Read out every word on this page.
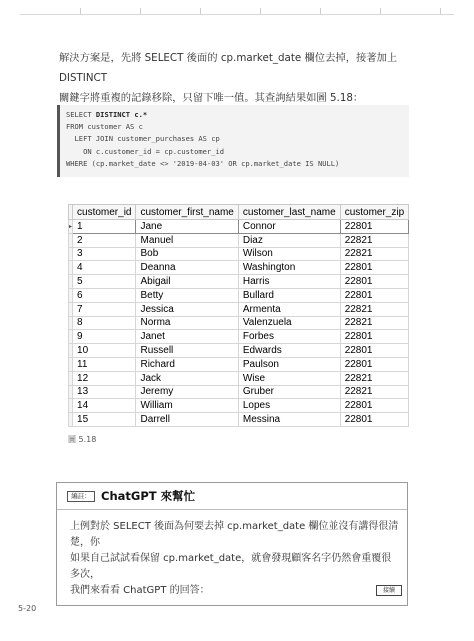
解決方案是，先將 SELECT 後面的 cp.market_date 欄位去掉，接著加上 DISTINCT
關鍵字將重複的記錄移除，只留下唯一值。其查詢結果如圖 5.18：
SELECT DISTINCT c.*
FROM customer AS c
LEFT JOIN customer_purchases AS cp
ON c.customer_id = cp.customer_id
WHERE (cp.market_date <> '2019-04-03' OR cp.market_date IS NULL)
	customer_id	customer_first_name	customer_last_name	customer_zip
▸	1	Jane	Connor	22801
	2	Manuel	Diaz	22821
	3	Bob	Wilson	22821
	4	Deanna	Washington	22801
	5	Abigail	Harris	22801
	6	Betty	Bullard	22801
	7	Jessica	Armenta	22821
	8	Norma	Valenzuela	22821
	9	Janet	Forbes	22801
	10	Russell	Edwards	22801
	11	Richard	Paulson	22801
	12	Jack	Wise	22821
	13	Jeremy	Gruber	22821
	14	William	Lopes	22801
	15	Darrell	Messina	22801
圖 5.18
編註： ChatGPT 來幫忙
上例對於 SELECT 後面為何要去掉 cp.market_date 欄位並沒有講得很清楚，你
如果自己試試看保留 cp.market_date，就會發現顧客名字仍然會重覆很多次，
我們來看看 ChatGPT 的回答：	接續
5-20
